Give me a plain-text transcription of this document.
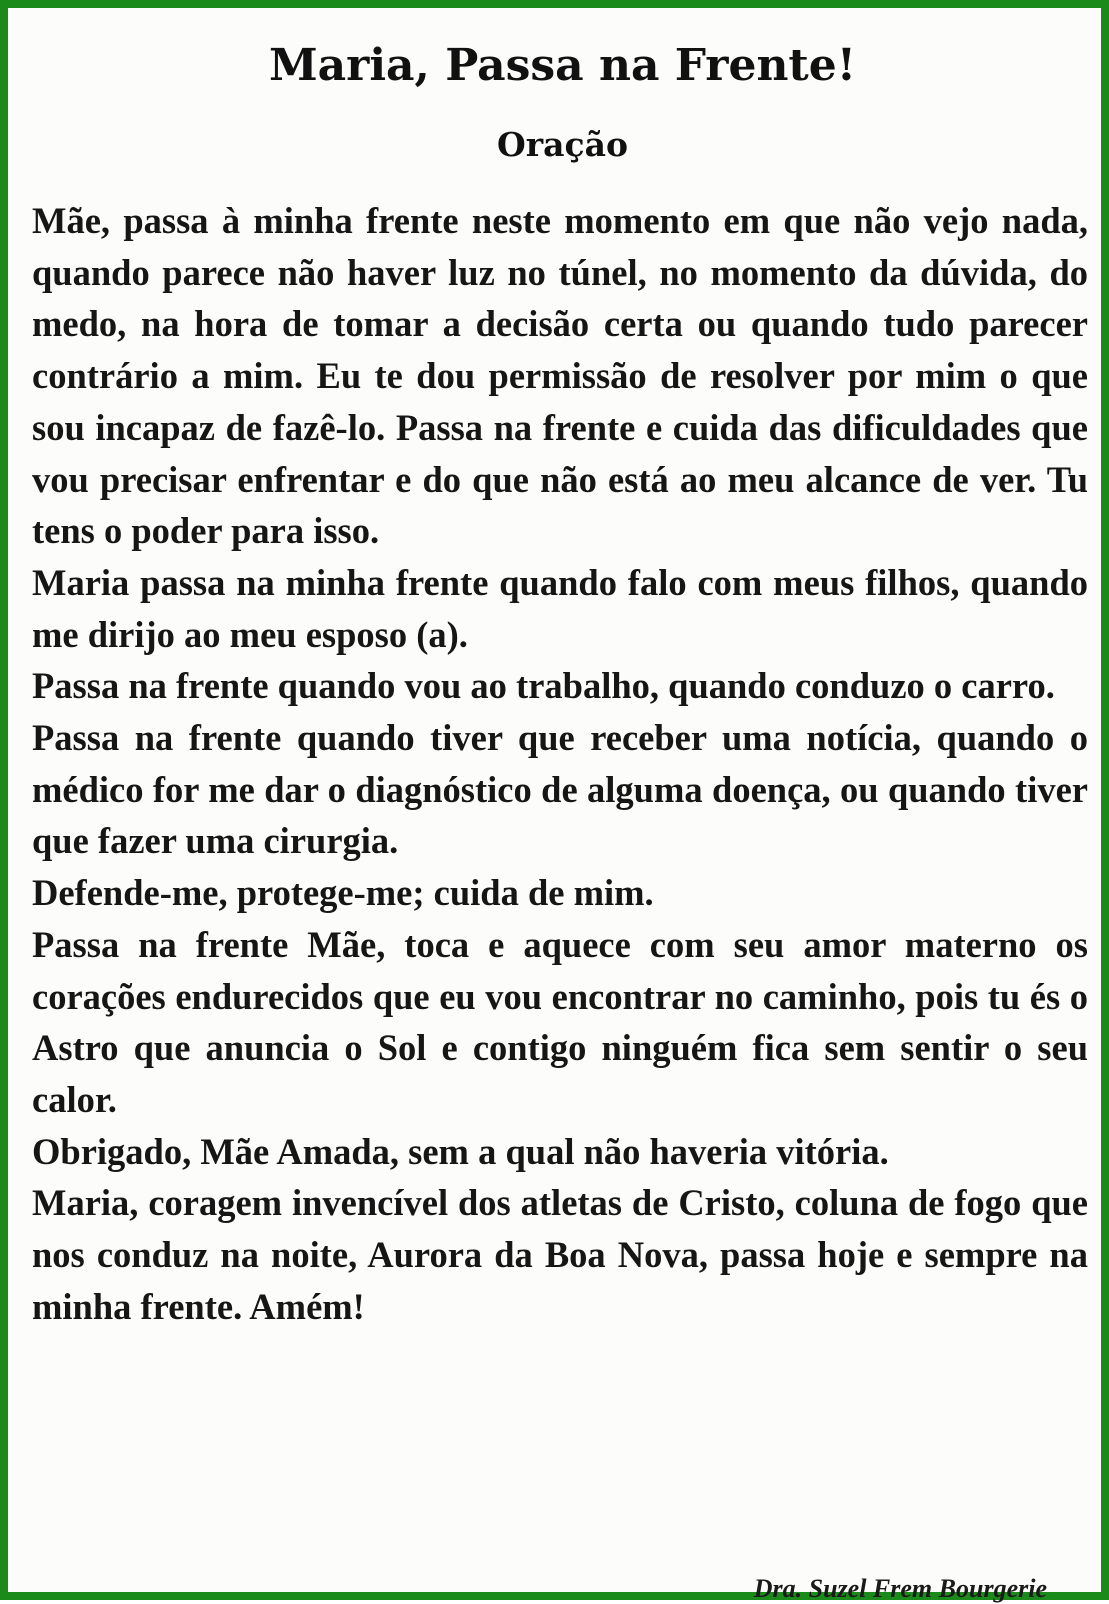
Maria, Passa na Frente!
Oração

Mãe, passa à minha frente neste momento em que não vejo nada, quando parece não haver luz no túnel, no momento da dúvida, do medo, na hora de tomar a decisão certa ou quando tudo parecer contrário a mim. Eu te dou permissão de resolver por mim o que sou incapaz de fazê-lo. Passa na frente e cuida das dificuldades que vou precisar enfrentar e do que não está ao meu alcance de ver. Tu tens o poder para isso.

Maria passa na minha frente quando falo com meus filhos, quando me dirijo ao meu esposo (a).

Passa na frente quando vou ao trabalho, quando conduzo o carro.

Passa na frente quando tiver que receber uma notícia, quando o médico for me dar o diagnóstico de alguma doença, ou quando tiver que fazer uma cirurgia.

Defende-me, protege-me; cuida de mim.

Passa na frente Mãe, toca e aquece com seu amor materno os corações endurecidos que eu vou encontrar no caminho, pois tu és o Astro que anuncia o Sol e contigo ninguém fica sem sentir o seu calor.

Obrigado, Mãe Amada, sem a qual não haveria vitória.

Maria, coragem invencível dos atletas de Cristo, coluna de fogo que nos conduz na noite, Aurora da Boa Nova, passa hoje e sempre na minha frente. Amém!

Dra. Suzel Frem Bourgerie
